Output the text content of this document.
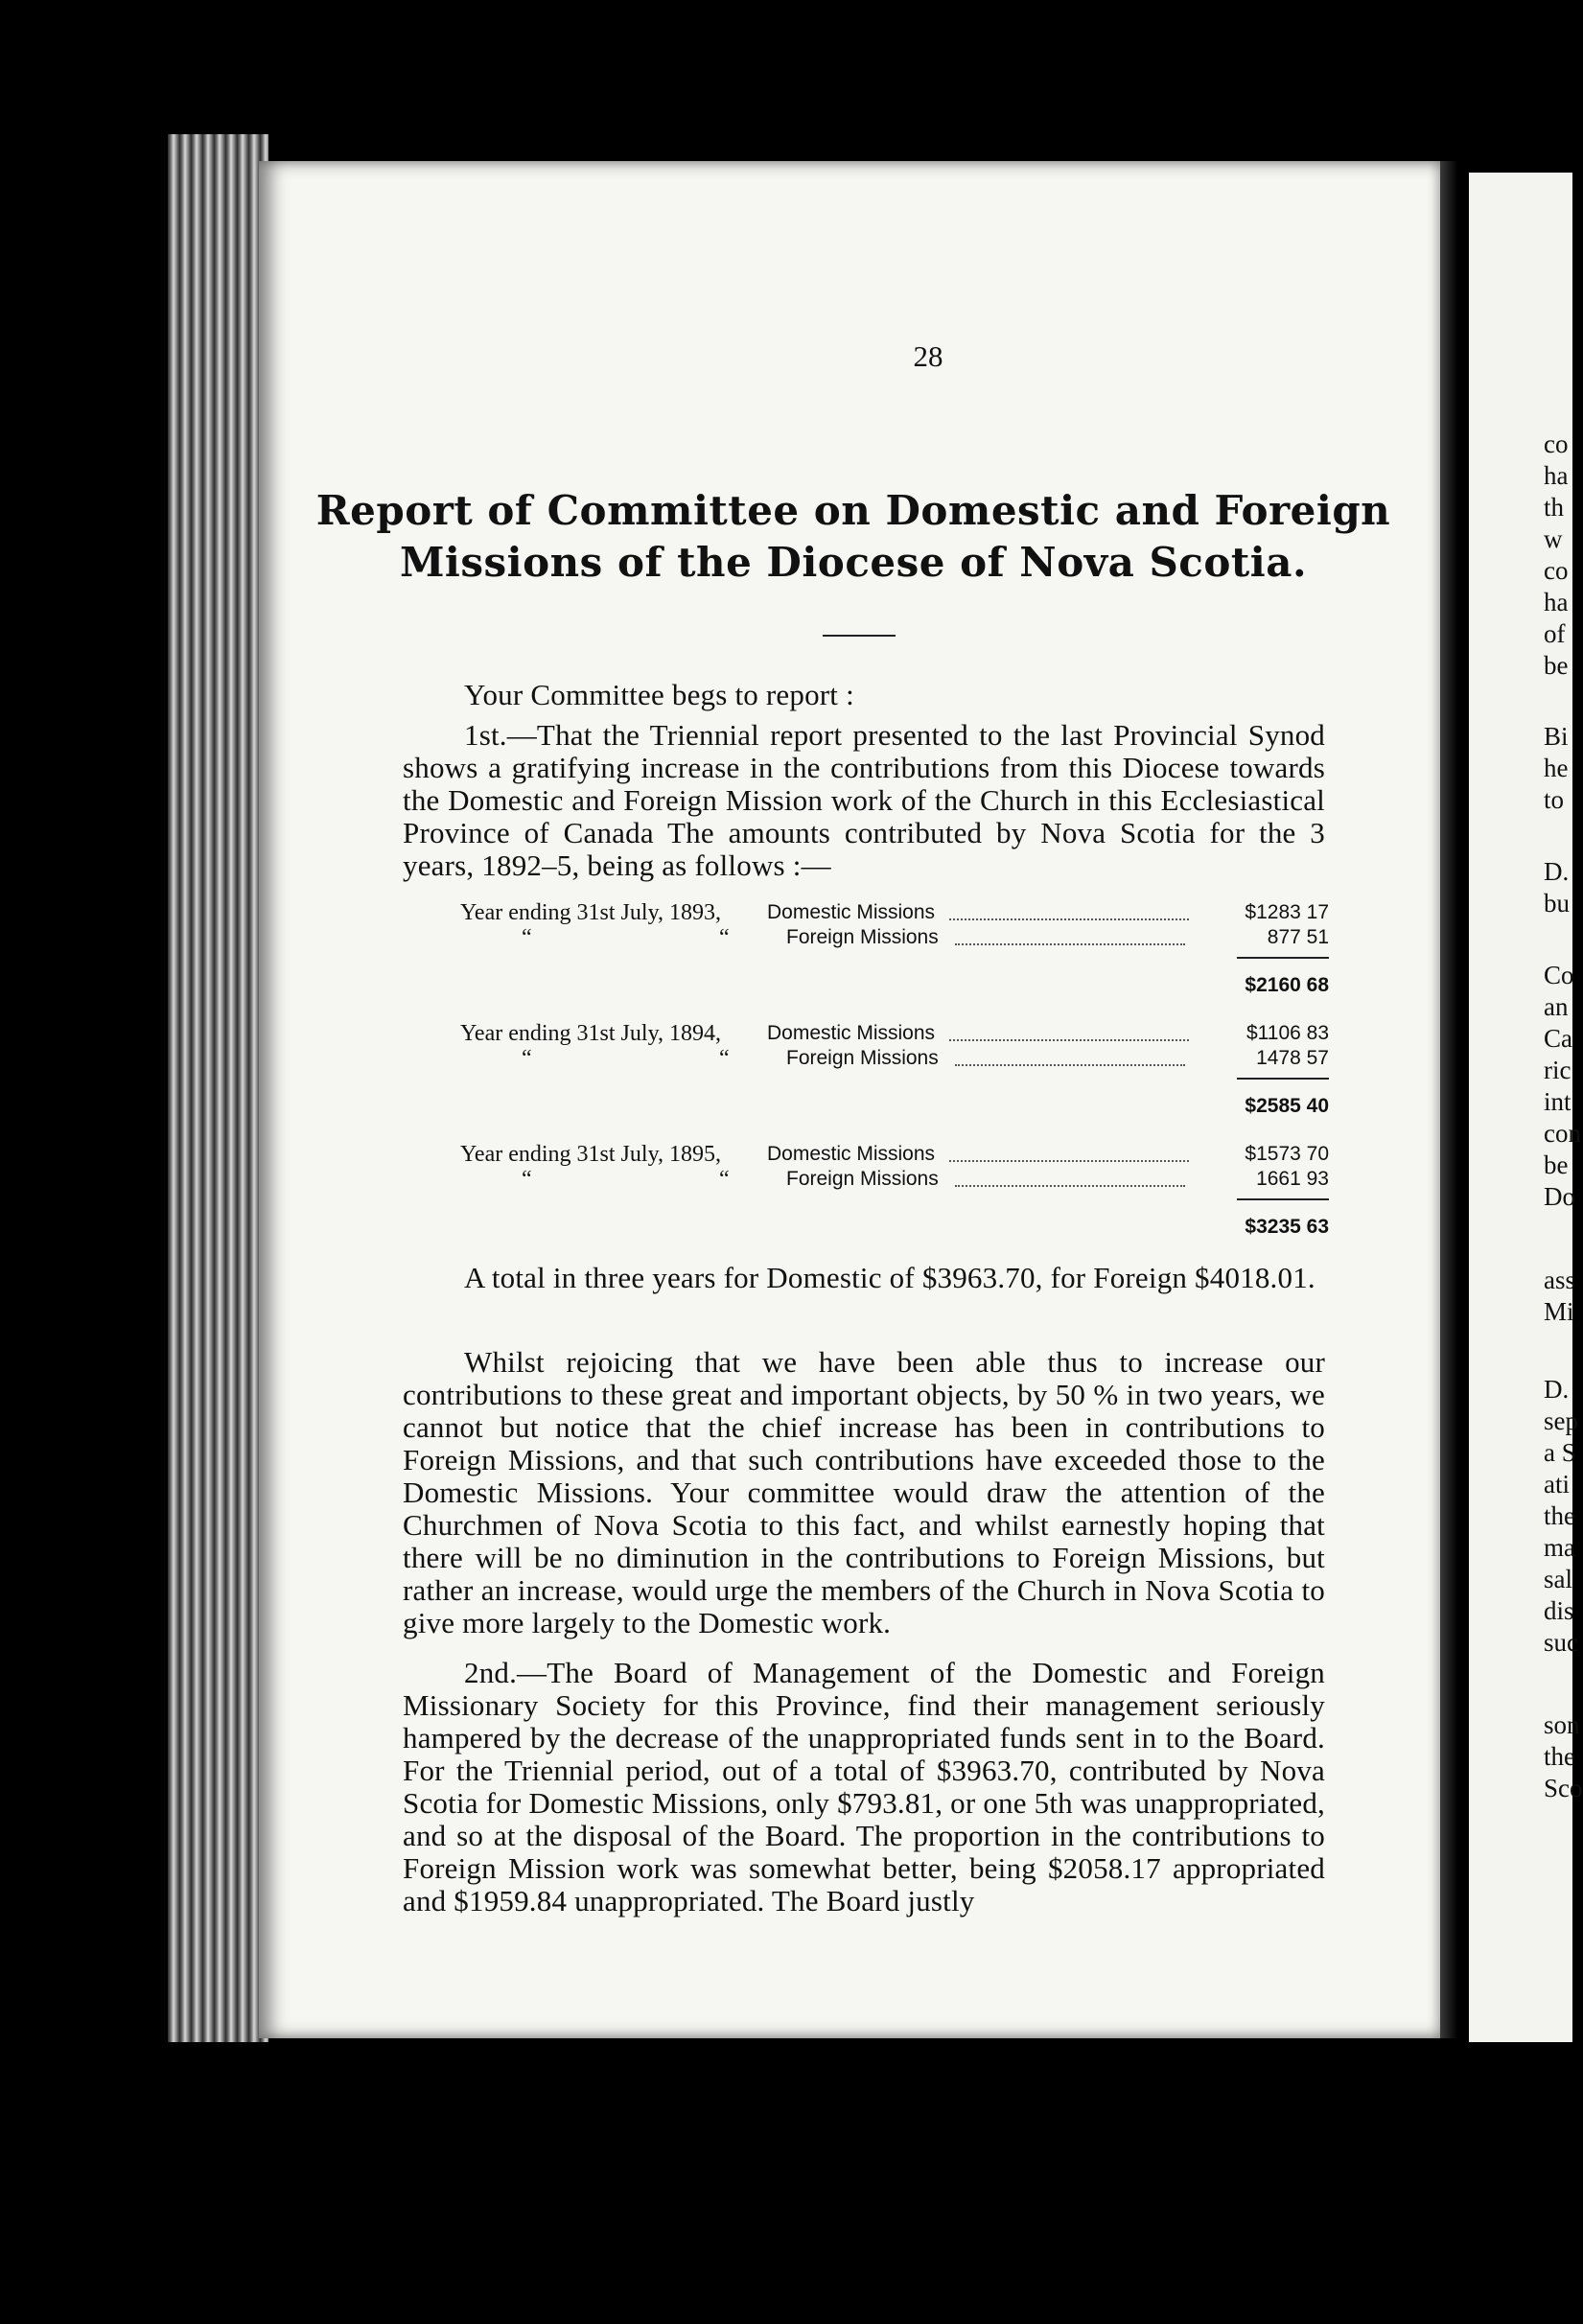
28
Report of Committee on Domestic and Foreign
Missions of the Diocese of Nova Scotia.
Your Committee begs to report :
1st.—That the Triennial report presented to the last Provincial Synod shows a gratifying increase in the contributions from this Diocese towards the Domestic and Foreign Mission work of the Church in this Ecclesiastical Province of Canada The amounts contributed by Nova Scotia for the 3 years, 1892–5, being as follows :—
Year ending 31st July, 1893, Domestic Missions	$1283 17
“	“	Foreign Missions	877 51
$2160 68
Year ending 31st July, 1894, Domestic Missions	$1106 83
“	“	Foreign Missions	1478 57
$2585 40
Year ending 31st July, 1895, Domestic Missions	$1573 70
“	“	Foreign Missions	1661 93
$3235 63
A total in three years for Domestic of $3963.70, for Foreign $4018.01.
Whilst rejoicing that we have been able thus to increase our contributions to these great and important objects, by 50 % in two years, we cannot but notice that the chief increase has been in contributions to Foreign Missions, and that such contributions have exceeded those to the Domestic Missions. Your committee would draw the attention of the Churchmen of Nova Scotia to this fact, and whilst earnestly hoping that there will be no diminution in the contributions to Foreign Missions, but rather an increase, would urge the members of the Church in Nova Scotia to give more largely to the Domestic work.
2nd.—The Board of Management of the Domestic and Foreign Missionary Society for this Province, find their management seriously hampered by the decrease of the unappropriated funds sent in to the Board. For the Triennial period, out of a total of $3963.70, contributed by Nova Scotia for Domestic Missions, only $793.81, or one 5th was unappropriated, and so at the disposal of the Board. The proportion in the contributions to Foreign Mission work was somewhat better, being $2058.17 appropriated and $1959.84 unappropriated. The Board justly
co
ha
th
w
co
ha
of
be
Bi
he
to
D.
bu
Co
an
Ca
ric
int
con
be
Do
ass
Mi
D.
sep
a S
ati
the
ma
sal
dis
suc
son
the
Sco
